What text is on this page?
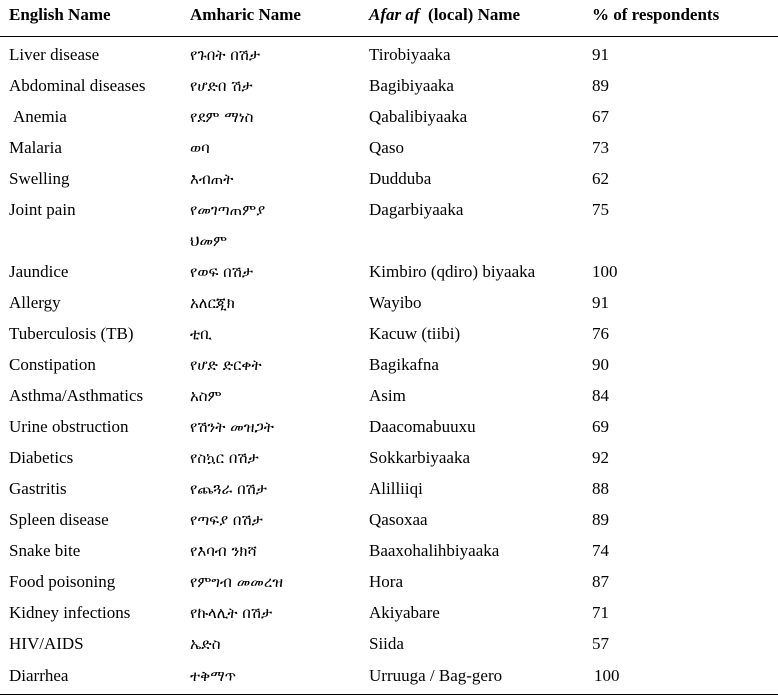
English Name	Amharic Name	Afar af (local) Name	% of respondents
Liver disease	የጉበት በሽታ	Tirobiyaaka	91
Abdominal diseases	የሆድበ ሽታ	Bagibiyaaka	89
Anemia	የደም ማነስ	Qabalibiyaaka	67
Malaria	ወባ	Qaso	73
Swelling	እብጠት	Dudduba	62
Joint pain	የመገጣጠምያ	Dagarbiyaaka	75
ህመም
Jaundice	የወፍ በሽታ	Kimbiro (qdiro) biyaaka	100
Allergy	አለርጂክ	Wayibo	91
Tuberculosis (TB)	ቲቢ	Kacuw (tiibi)	76
Constipation	የሆድ ድርቀት	Bagikafna	90
Asthma/Asthmatics	አስም	Asim	84
Urine obstruction	የሽንት መዝጋት	Daacomabuuxu	69
Diabetics	የስኳር በሽታ	Sokkarbiyaaka	92
Gastritis	የጨጓራ በሽታ	Alilliiqi	88
Spleen disease	የጣፍያ በሽታ	Qasoxaa	89
Snake bite	የእባብ ንክሻ	Baaxohalihbiyaaka	74
Food poisoning	የምግብ መመረዝ	Hora	87
Kidney infections	የኩላሊት በሽታ	Akiyabare	71
HIV/AIDS	ኤድስ	Siida	57
Diarrhea	ተቅማጥ	Urruuga / Bag-gero	100
